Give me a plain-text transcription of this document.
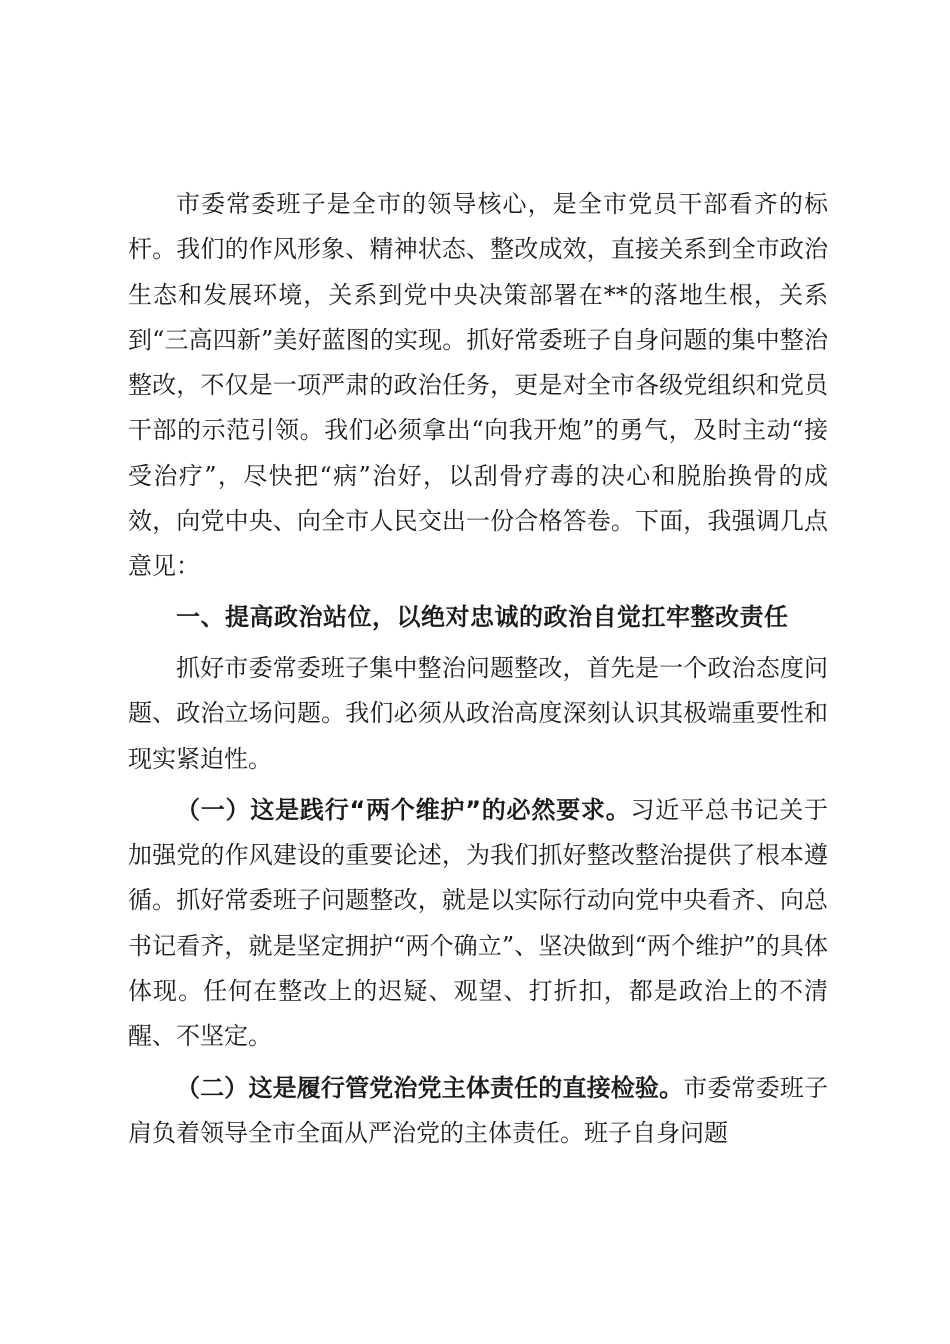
市委常委班子是全市的领导核心，是全市党员干部看齐的标杆。我们的作风形象、精神状态、整改成效，直接关系到全市政治生态和发展环境，关系到党中央决策部署在**的落地生根，关系到“三高四新”美好蓝图的实现。抓好常委班子自身问题的集中整治整改，不仅是一项严肃的政治任务，更是对全市各级党组织和党员干部的示范引领。我们必须拿出“向我开炮”的勇气，及时主动“接受治疗”，尽快把“病”治好，以刮骨疗毒的决心和脱胎换骨的成效，向党中央、向全市人民交出一份合格答卷。下面，我强调几点意见：

一、提高政治站位，以绝对忠诚的政治自觉扛牢整改责任

抓好市委常委班子集中整治问题整改，首先是一个政治态度问题、政治立场问题。我们必须从政治高度深刻认识其极端重要性和现实紧迫性。

（一）这是践行“两个维护”的必然要求。习近平总书记关于加强党的作风建设的重要论述，为我们抓好整改整治提供了根本遵循。抓好常委班子问题整改，就是以实际行动向党中央看齐、向总书记看齐，就是坚定拥护“两个确立”、坚决做到“两个维护”的具体体现。任何在整改上的迟疑、观望、打折扣，都是政治上的不清醒、不坚定。

（二）这是履行管党治党主体责任的直接检验。市委常委班子肩负着领导全市全面从严治党的主体责任。班子自身问题
